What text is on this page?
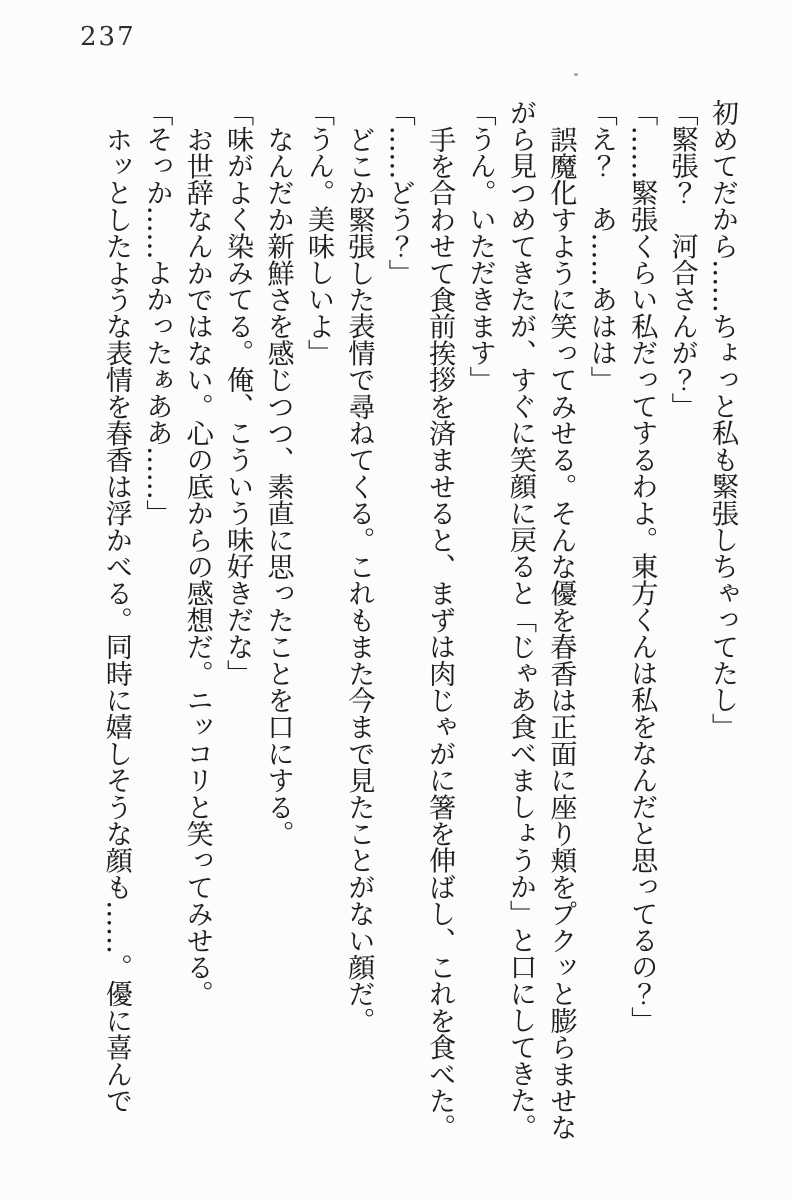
237

初めてだから……ちょっと私も緊張しちゃってたし」

「緊張？　河合さんが？」

「……緊張くらい私だってするわよ。東方くんは私をなんだと思ってるの？」

「え？　あ……あはは」

誤魔化すように笑ってみせる。そんな優を春香は正面に座り頬をプクッと膨らませながら見つめてきたが、すぐに笑顔に戻ると「じゃあ食べましょうか」と口にしてきた。

「うん。いただきます」

手を合わせて食前挨拶を済ませると、まずは肉じゃがに箸を伸ばし、これを食べた。

「……どう？」

どこか緊張した表情で尋ねてくる。これもまた今まで見たことがない顔だ。

「うん。美味しいよ」

なんだか新鮮さを感じつつ、素直に思ったことを口にする。

「味がよく染みてる。俺、こういう味好きだな」

お世辞なんかではない。心の底からの感想だ。ニッコリと笑ってみせる。

「そっか……よかったぁああ……」

ホッとしたような表情を春香は浮かべる。同時に嬉しそうな顔も……。優に喜んで
